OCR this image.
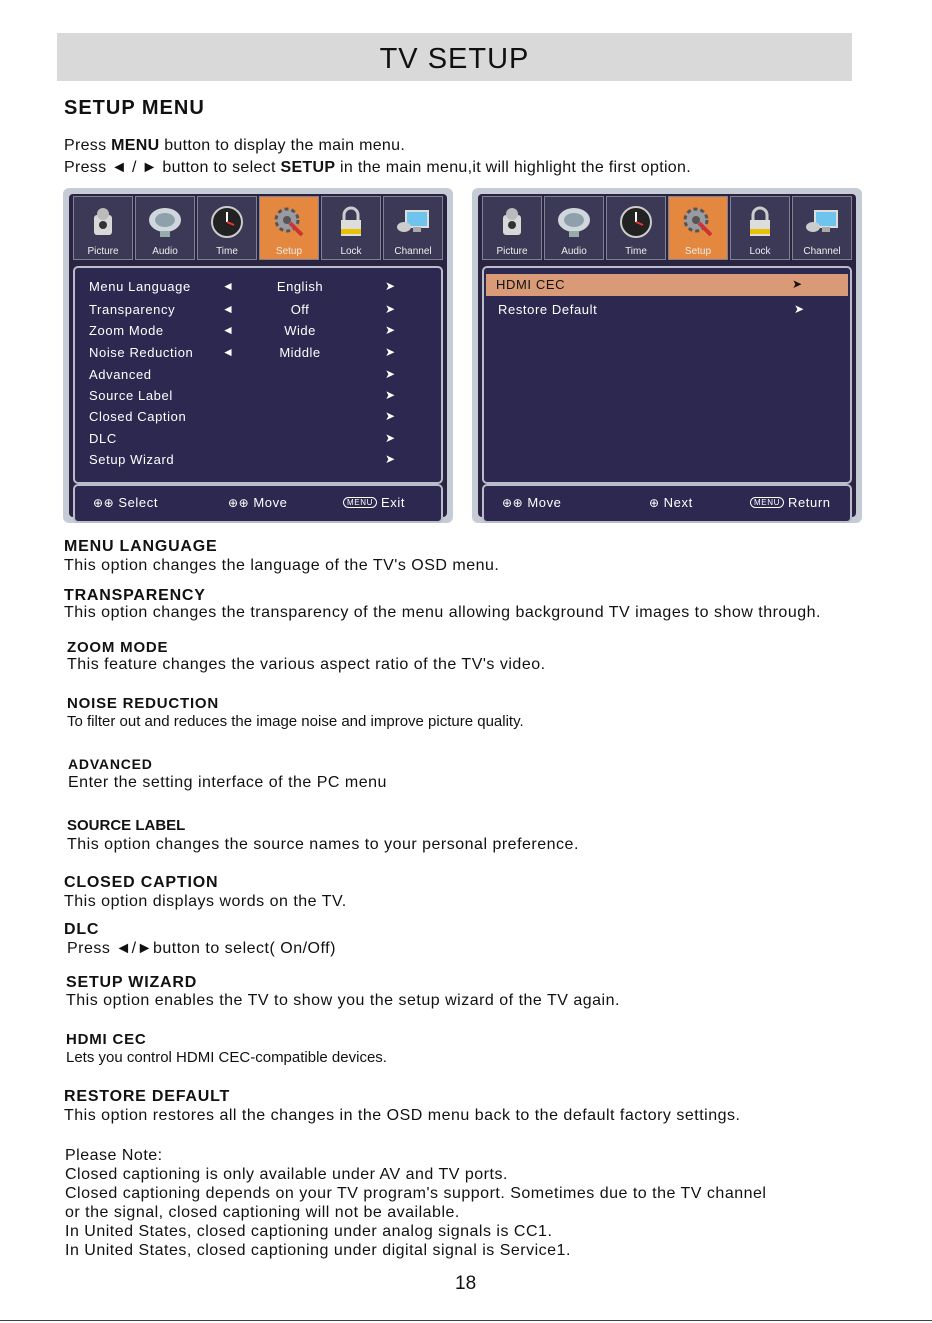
TV SETUP
SETUP MENU
Press MENU button to display the main menu.
Press ◄ / ► button to select SETUP in the main menu,it will highlight the first option.
Picture	Audio	Time	Setup	Lock	Channel
Menu Language	◄	English	➤
Transparency	◄	Off	➤
Zoom Mode	◄	Wide	➤
Noise Reduction ◄	Middle	➤
Advanced	➤
Source Label	➤
Closed Caption	➤
DLC	➤
Setup Wizard	➤
⊕⊕ Select	⊕⊕ Move	MENU Exit
Picture	Audio	Time	Setup	Lock	Channel
HDMI CEC	➤
Restore Default	➤
⊕⊕ Move	⊕ Next	MENU Return
MENU LANGUAGE
This option changes the language of the TV's OSD menu.
TRANSPARENCY
This option changes the transparency of the menu allowing background TV images to show through.
ZOOM MODE
This feature changes the various aspect ratio of the TV's video.
NOISE REDUCTION
To filter out and reduces the image noise and improve picture quality.
ADVANCED
Enter the setting interface of the PC menu
SOURCE LABEL
This option changes the source names to your personal preference.
CLOSED CAPTION
This option displays words on the TV.
DLC
Press ◄/►button to select( On/Off)
SETUP WIZARD
This option enables the TV to show you the setup wizard of the TV again.
HDMI CEC
Lets you control HDMI CEC-compatible devices.
RESTORE DEFAULT
This option restores all the changes in the OSD menu back to the default factory settings.
Please Note:
Closed captioning is only available under AV and TV ports.
Closed captioning depends on your TV program's support. Sometimes due to the TV channel
or the signal, closed captioning will not be available.
In United States, closed captioning under analog signals is CC1.
In United States, closed captioning under digital signal is Service1.
18
